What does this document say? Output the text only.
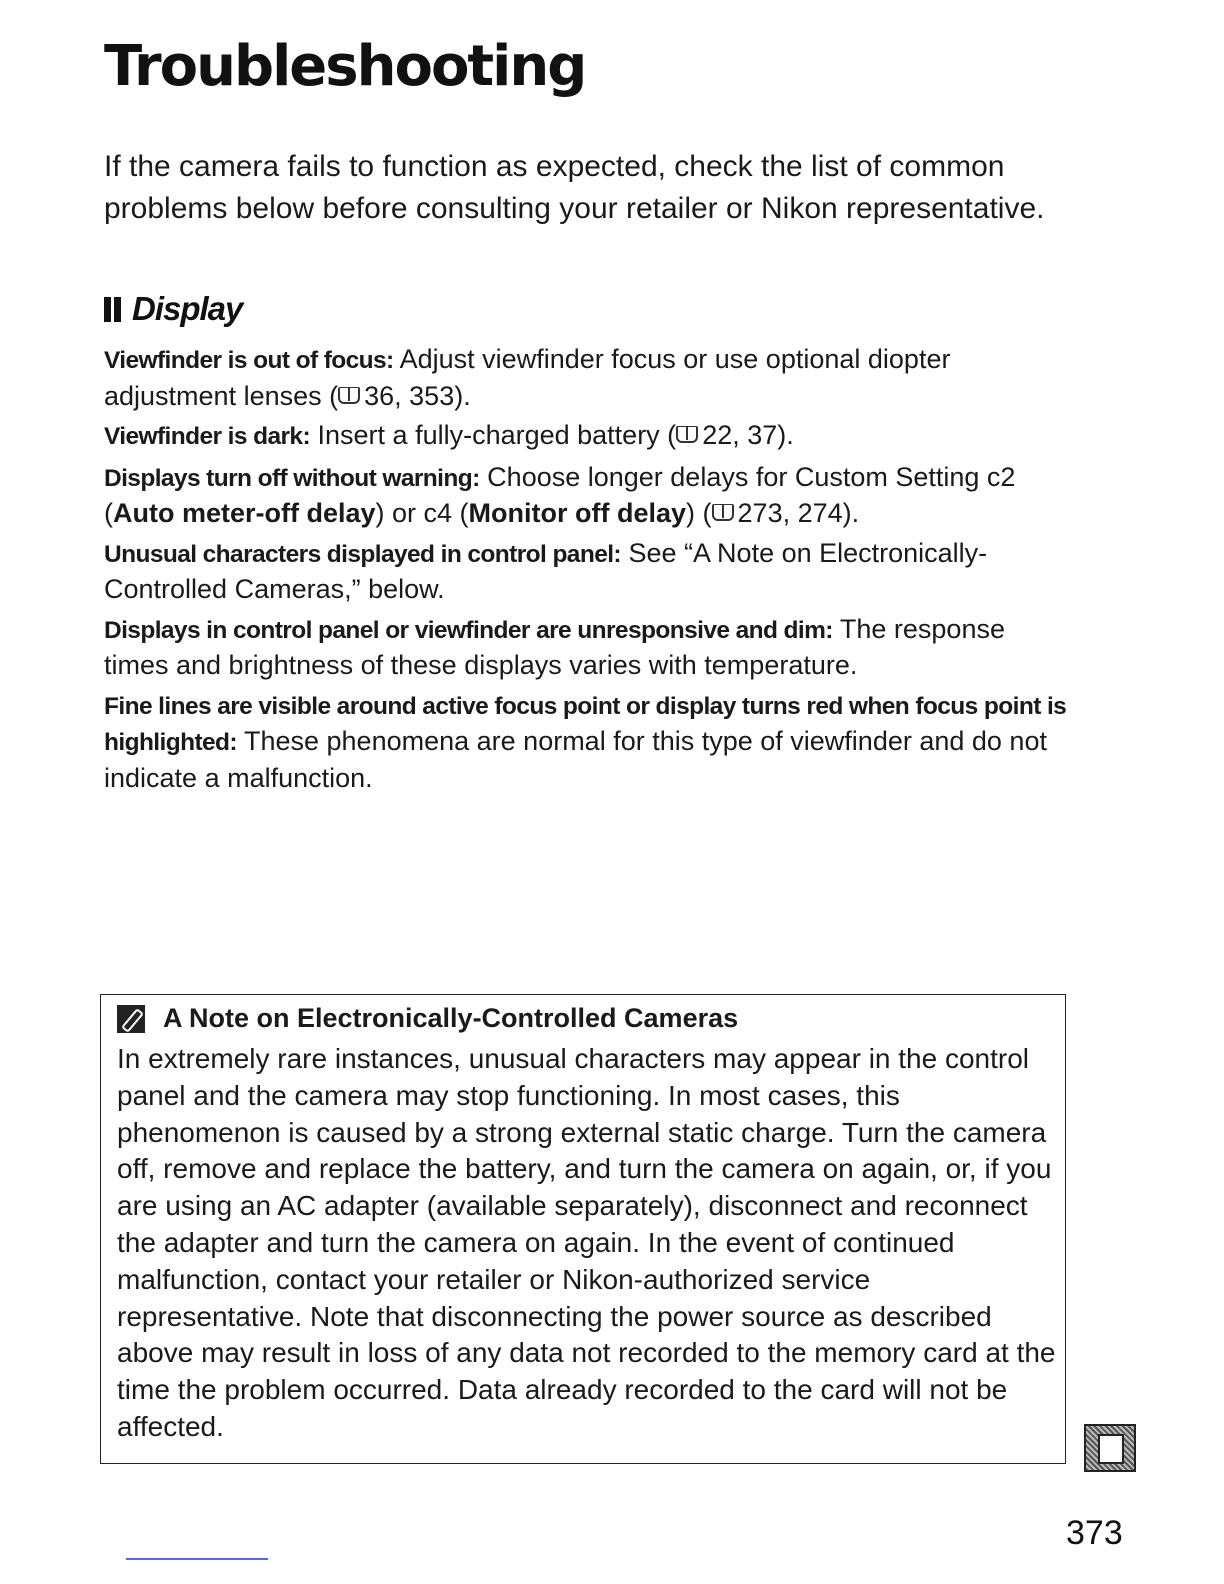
Troubleshooting

If the camera fails to function as expected, check the list of common problems below before consulting your retailer or Nikon representative.

Display

Viewfinder is out of focus: Adjust viewfinder focus or use optional diopter adjustment lenses ( 36, 353).

Viewfinder is dark: Insert a fully-charged battery ( 22, 37).

Displays turn off without warning: Choose longer delays for Custom Setting c2 (Auto meter-off delay) or c4 (Monitor off delay) ( 273, 274).

Unusual characters displayed in control panel: See “A Note on Electronically-Controlled Cameras,” below.

Displays in control panel or viewfinder are unresponsive and dim: The response times and brightness of these displays varies with temperature.

Fine lines are visible around active focus point or display turns red when focus point is highlighted: These phenomena are normal for this type of viewfinder and do not indicate a malfunction.

A Note on Electronically-Controlled Cameras

In extremely rare instances, unusual characters may appear in the control panel and the camera may stop functioning. In most cases, this phenomenon is caused by a strong external static charge. Turn the camera off, remove and replace the battery, and turn the camera on again, or, if you are using an AC adapter (available separately), disconnect and reconnect the adapter and turn the camera on again. In the event of continued malfunction, contact your retailer or Nikon-authorized service representative. Note that disconnecting the power source as described above may result in loss of any data not recorded to the memory card at the time the problem occurred. Data already recorded to the card will not be affected.

373
